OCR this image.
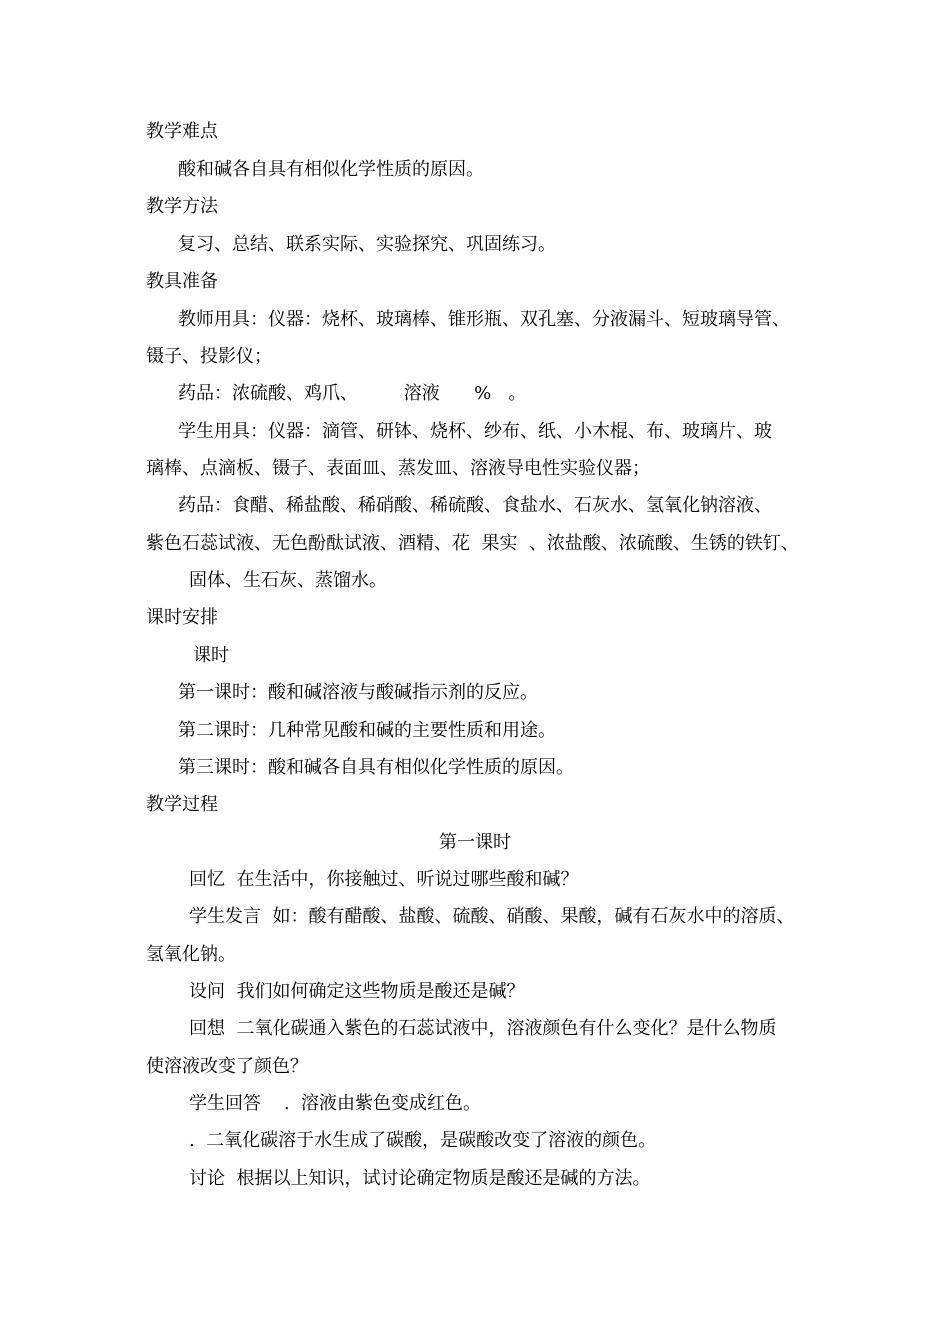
教学难点
酸和碱各自具有相似化学性质的原因。
教学方法
复习、总结、联系实际、实验探究、巩固练习。
教具准备
教师用具：仪器：烧杯、玻璃棒、锥形瓶、双孔塞、分液漏斗、短玻璃导管、
镊子、投影仪；
药品：浓硫酸、鸡爪、        溶液      %   。
学生用具：仪器：滴管、研钵、烧杯、纱布、纸、小木棍、布、玻璃片、玻
璃棒、点滴板、镊子、表面皿、蒸发皿、溶液导电性实验仪器；
药品：食醋、稀盐酸、稀硝酸、稀硫酸、食盐水、石灰水、氢氧化钠溶液、
紫色石蕊试液、无色酚酞试液、酒精、花  果实  、浓盐酸、浓硫酸、生锈的铁钉、
固体、生石灰、蒸馏水。
课时安排
课时
第一课时：酸和碱溶液与酸碱指示剂的反应。
第二课时：几种常见酸和碱的主要性质和用途。
第三课时：酸和碱各自具有相似化学性质的原因。
教学过程
第一课时
回忆  在生活中，你接触过、听说过哪些酸和碱？
学生发言  如：酸有醋酸、盐酸、硫酸、硝酸、果酸，碱有石灰水中的溶质、
氢氧化钠。
设问  我们如何确定这些物质是酸还是碱？
回想  二氧化碳通入紫色的石蕊试液中，溶液颜色有什么变化？是什么物质
使溶液改变了颜色？
学生回答    .  溶液由紫色变成红色。
.  二氧化碳溶于水生成了碳酸，是碳酸改变了溶液的颜色。
讨论  根据以上知识，试讨论确定物质是酸还是碱的方法。
